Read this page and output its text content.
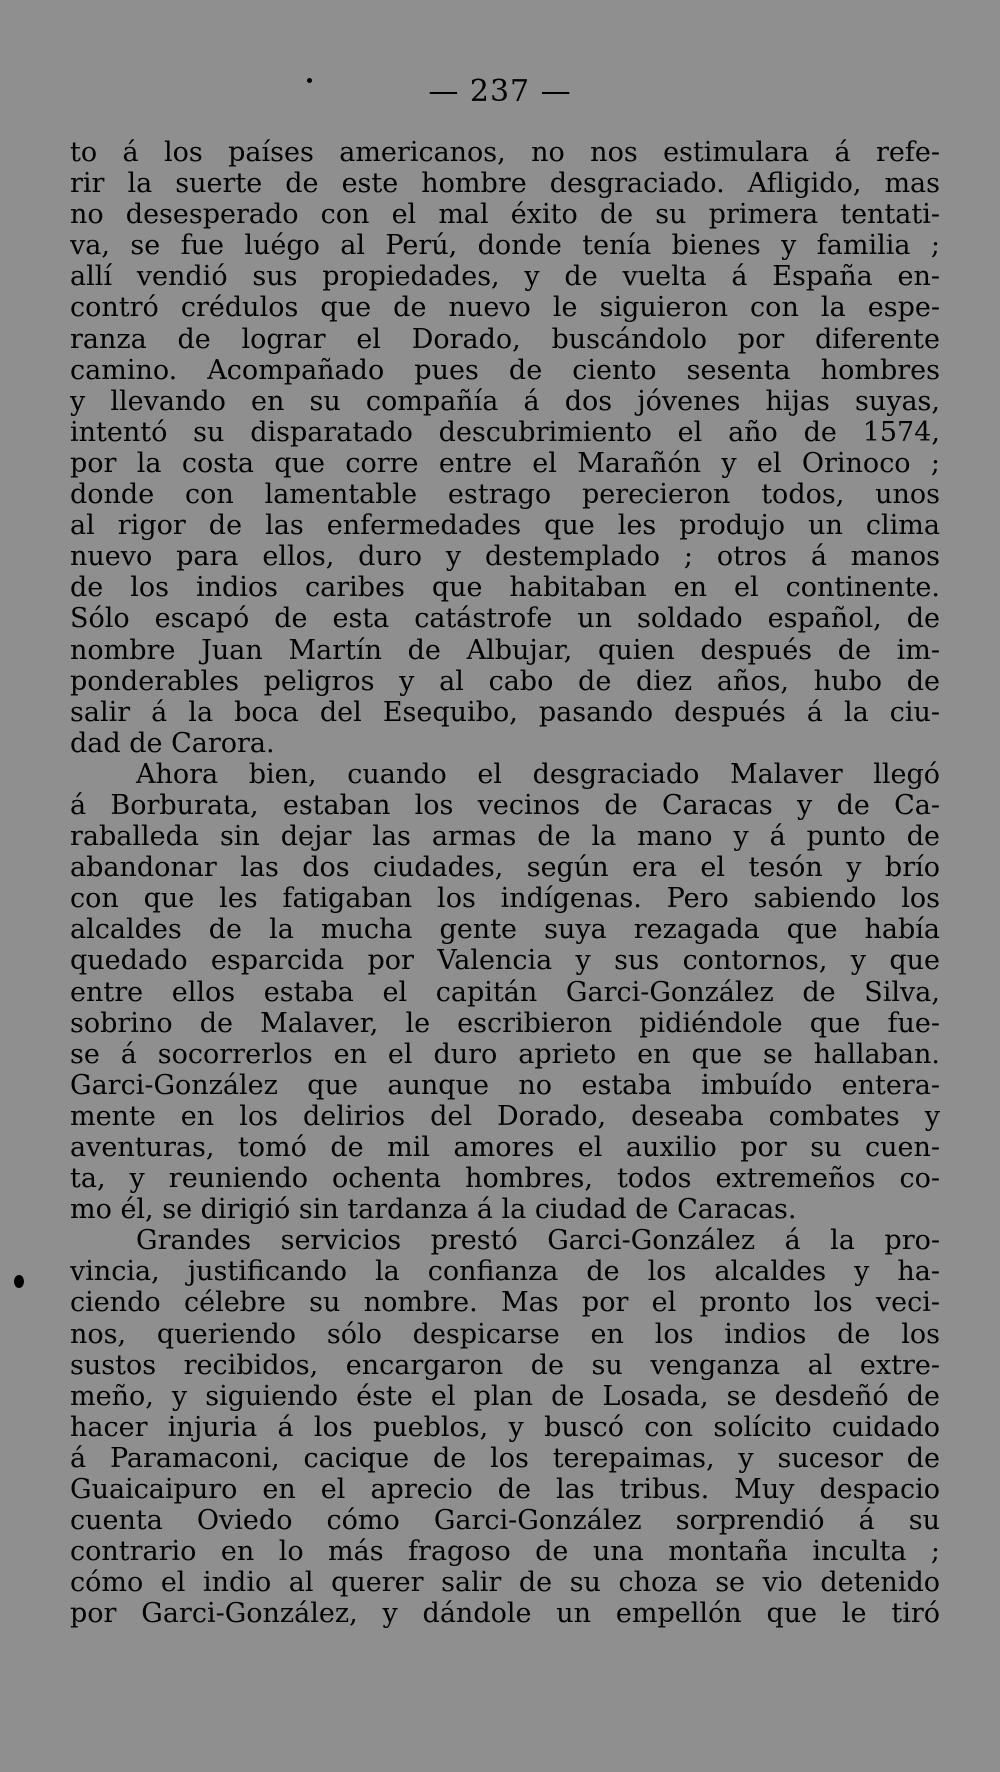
— 237 —
to á los países americanos, no nos estimulara á refe-
rir la suerte de este hombre desgraciado. Afligido, mas
no desesperado con el mal éxito de su primera tentati-
va, se fue luégo al Perú, donde tenía bienes y familia ;
allí vendió sus propiedades, y de vuelta á España en-
contró crédulos que de nuevo le siguieron con la espe-
ranza de lograr el Dorado, buscándolo por diferente
camino. Acompañado pues de ciento sesenta hombres
y llevando en su compañía á dos jóvenes hijas suyas,
intentó su disparatado descubrimiento el año de 1574,
por la costa que corre entre el Marañón y el Orinoco ;
donde con lamentable estrago perecieron todos, unos
al rigor de las enfermedades que les produjo un clima
nuevo para ellos, duro y destemplado ; otros á manos
de los indios caribes que habitaban en el continente.
Sólo escapó de esta catástrofe un soldado español, de
nombre Juan Martín de Albujar, quien después de im-
ponderables peligros y al cabo de diez años, hubo de
salir á la boca del Esequibo, pasando después á la ciu-
dad de Carora.
Ahora bien, cuando el desgraciado Malaver llegó
á Borburata, estaban los vecinos de Caracas y de Ca-
raballeda sin dejar las armas de la mano y á punto de
abandonar las dos ciudades, según era el tesón y brío
con que les fatigaban los indígenas. Pero sabiendo los
alcaldes de la mucha gente suya rezagada que había
quedado esparcida por Valencia y sus contornos, y que
entre ellos estaba el capitán Garci-González de Silva,
sobrino de Malaver, le escribieron pidiéndole que fue-
se á socorrerlos en el duro aprieto en que se hallaban.
Garci-González que aunque no estaba imbuído entera-
mente en los delirios del Dorado, deseaba combates y
aventuras, tomó de mil amores el auxilio por su cuen-
ta, y reuniendo ochenta hombres, todos extremeños co-
mo él, se dirigió sin tardanza á la ciudad de Caracas.
Grandes servicios prestó Garci-González á la pro-
vincia, justificando la confianza de los alcaldes y ha-
ciendo célebre su nombre. Mas por el pronto los veci-
nos, queriendo sólo despicarse en los indios de los
sustos recibidos, encargaron de su venganza al extre-
meño, y siguiendo éste el plan de Losada, se desdeñó de
hacer injuria á los pueblos, y buscó con solícito cuidado
á Paramaconi, cacique de los terepaimas, y sucesor de
Guaicaipuro en el aprecio de las tribus. Muy despacio
cuenta Oviedo cómo Garci-González sorprendió á su
contrario en lo más fragoso de una montaña inculta ;
cómo el indio al querer salir de su choza se vio detenido
por Garci-González, y dándole un empellón que le tiró
